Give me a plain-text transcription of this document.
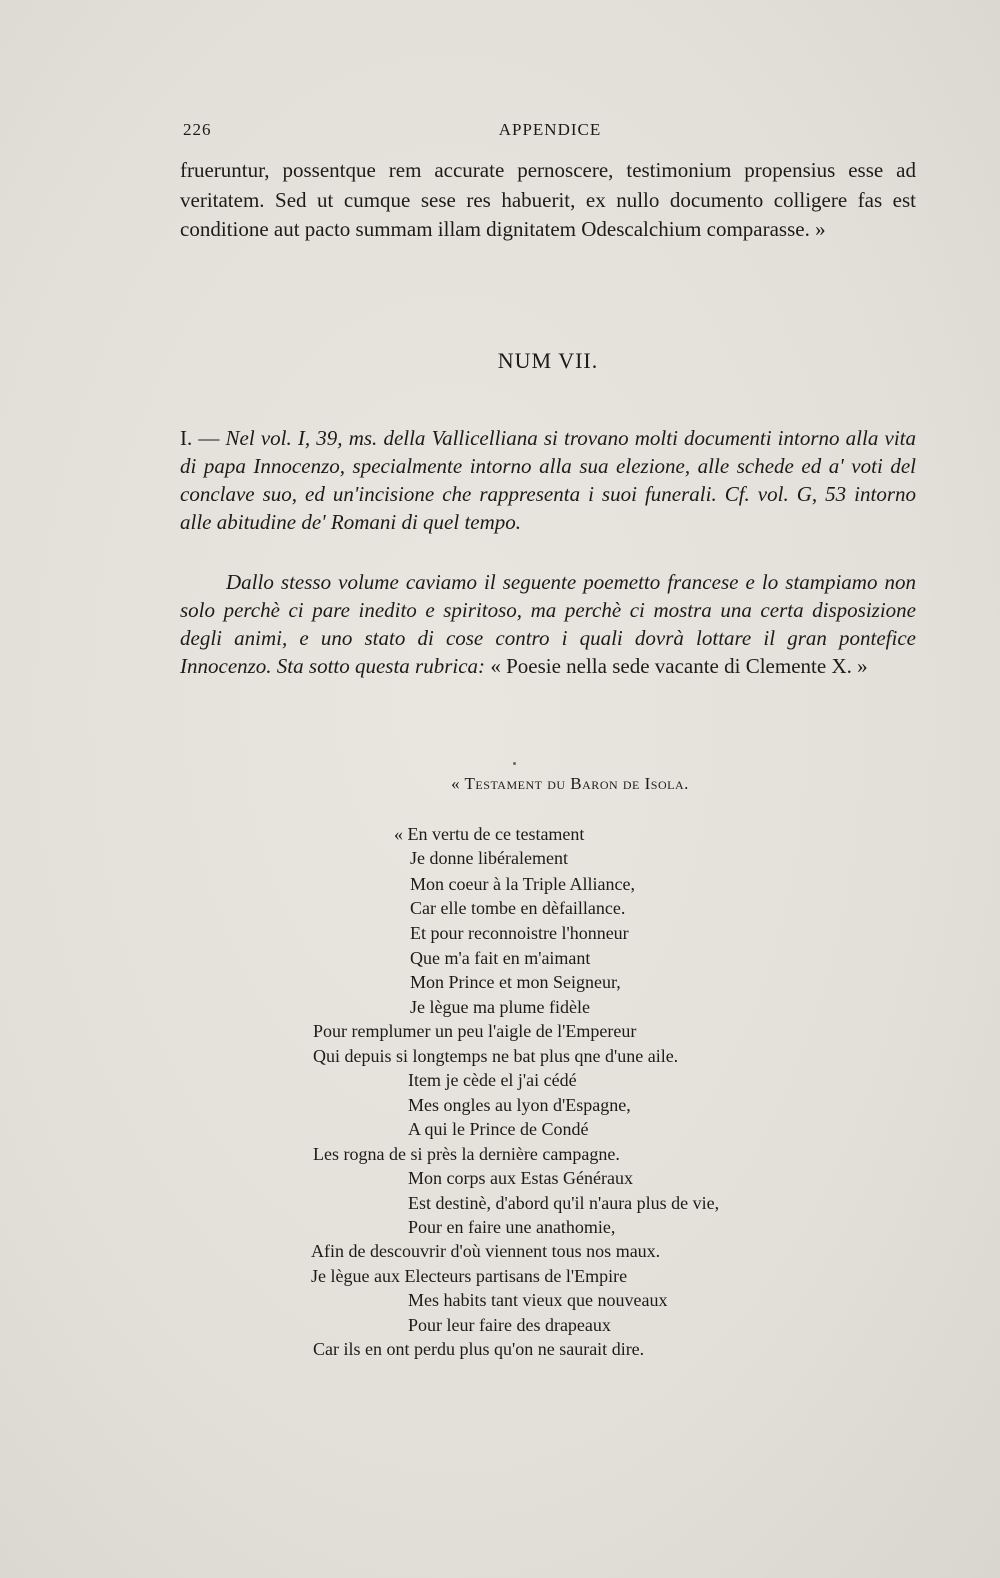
226	APPENDICE
frueruntur, possentque rem accurate pernoscere, testimonium propensius esse ad veritatem. Sed ut cumque sese res habuerit, ex nullo documento colligere fas est conditione aut pacto summam illam dignitatem Odescalchium comparasse. »
NUM VII.
I. — Nel vol. I, 39, ms. della Vallicelliana si trovano molti documenti intorno alla vita di papa Innocenzo, specialmente intorno alla sua elezione, alle schede ed a' voti del conclave suo, ed un'incisione che rappresenta i suoi funerali. Cf. vol. G, 53 intorno alle abitudine de' Romani di quel tempo.
Dallo stesso volume caviamo il seguente poemetto francese e lo stampiamo non solo perchè ci pare inedito e spiritoso, ma perchè ci mostra una certa disposizione degli animi, e uno stato di cose contro i quali dovrà lottare il gran pontefice Innocenzo. Sta sotto questa rubrica: « Poesie nella sede vacante di Clemente X. »
« Testament du Baron de Isola.
« En vertu de ce testament
Je donne libéralement
Mon coeur à la Triple Alliance,
Car elle tombe en dèfaillance.
Et pour reconnoistre l'honneur
Que m'a fait en m'aimant
Mon Prince et mon Seigneur,
Je lègue ma plume fidèle
Pour remplumer un peu l'aigle de l'Empereur
Qui depuis si longtemps ne bat plus qne d'une aile.
Item je cède el j'ai cédé
Mes ongles au lyon d'Espagne,
A qui le Prince de Condé
Les rogna de si près la dernière campagne.
Mon corps aux Estas Généraux
Est destinè, d'abord qu'il n'aura plus de vie,
Pour en faire une anathomie,
Afin de descouvrir d'où viennent tous nos maux.
Je lègue aux Electeurs partisans de l'Empire
Mes habits tant vieux que nouveaux
Pour leur faire des drapeaux
Car ils en ont perdu plus qu'on ne saurait dire.
